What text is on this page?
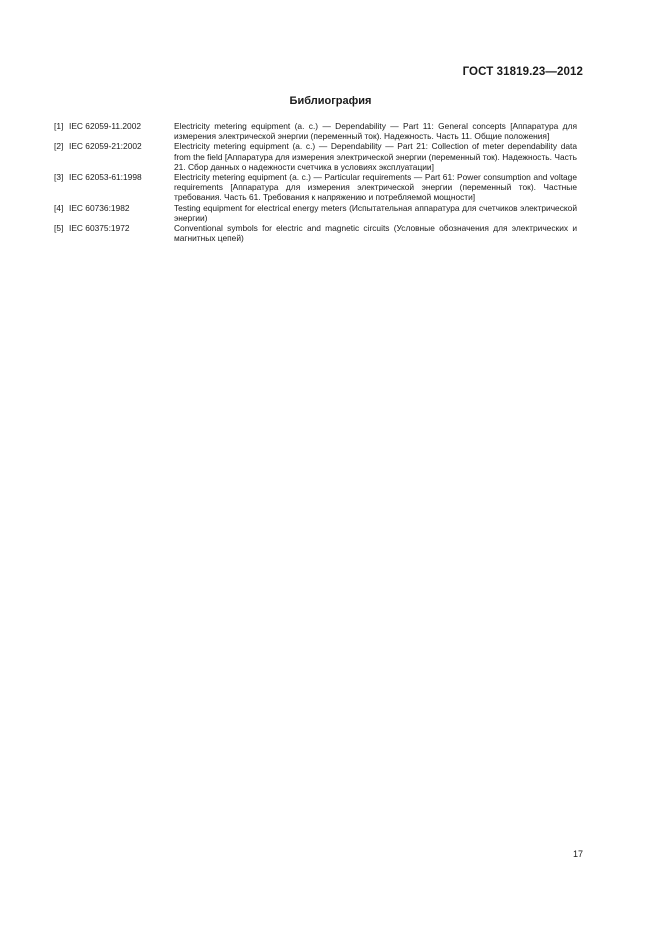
ГОСТ 31819.23—2012
Библиография
[1] IEC 62059-11.2002	Electricity metering equipment (a. c.) — Dependability — Part 11: General concepts [Аппаратура для измерения электрической энергии (переменный ток). Надежность. Часть 11. Общие положения]
[2] IEC 62059-21:2002	Electricity metering equipment (a. c.) — Dependability — Part 21: Collection of meter dependability data from the field [Аппаратура для измерения электрической энергии (переменный ток). Надежность. Часть 21. Сбор данных о надежности счетчика в условиях эксплуатации]
[3] IEC 62053-61:1998	Electricity metering equipment (a. c.) — Particular requirements — Part 61: Power consumption and voltage requirements [Аппаратура для измерения электрической энергии (переменный ток). Частные требования. Часть 61. Требования к напряжению и потребляемой мощности]
[4] IEC 60736:1982	Testing equipment for electrical energy meters (Испытательная аппаратура для счетчиков электрической энергии)
[5] IEC 60375:1972	Conventional symbols for electric and magnetic circuits (Условные обозначения для электрических и магнитных цепей)
17
